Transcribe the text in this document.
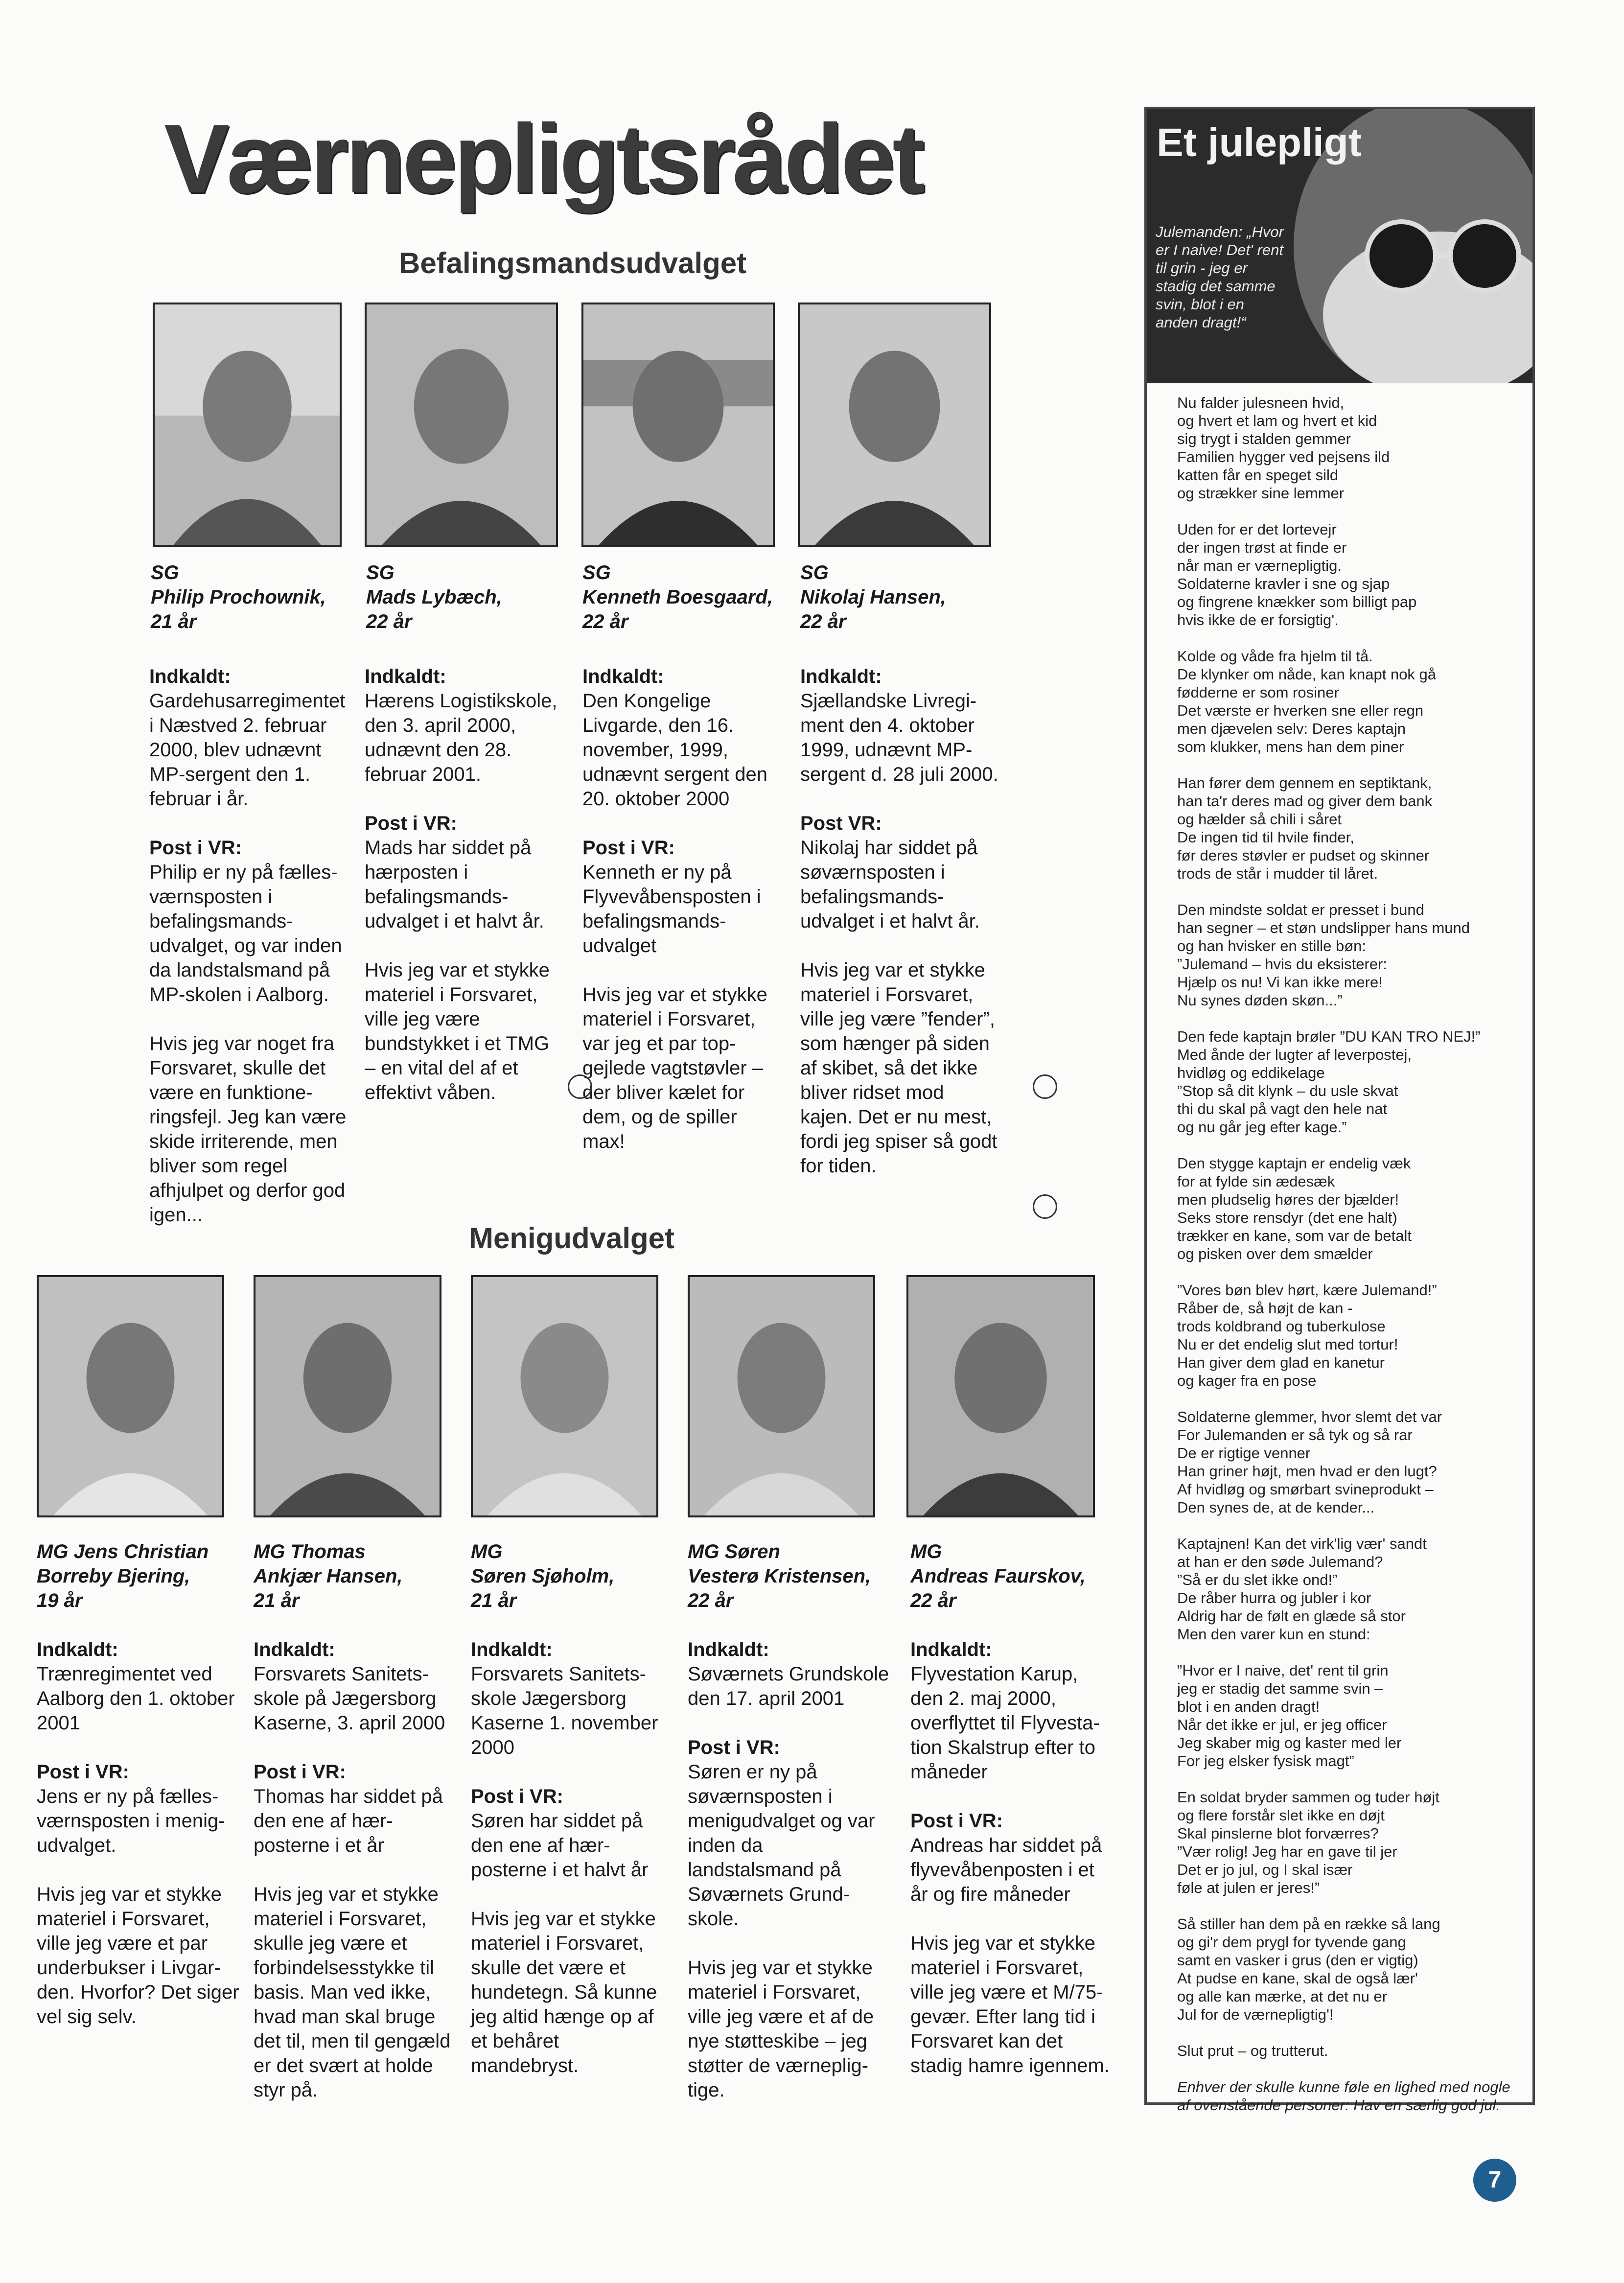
Værnepligtsrådet
Befalingsmandsudvalget
SG
Philip Prochownik,
21 år
Indkaldt:
Gardehusarregimentet i Næstved 2. februar 2000, blev udnævnt MP-sergent den 1. februar i år.
Post i VR:
Philip er ny på fælles-værnsposten i befalingsmands-udvalget, og var inden da landstalsmand på MP-skolen i Aalborg.
Hvis jeg var noget fra Forsvaret, skulle det være en funktione-ringsfejl. Jeg kan være skide irriterende, men bliver som regel afhjulpet og derfor god igen...
SG
Mads Lybæch,
22 år
Indkaldt:
Hærens Logistikskole, den 3. april 2000, udnævnt den 28. februar 2001.
Post i VR:
Mads har siddet på hærposten i befalingsmands-udvalget i et halvt år.
Hvis jeg var et stykke materiel i Forsvaret, ville jeg være bundstykket i et TMG – en vital del af et effektivt våben.
SG
Kenneth Boesgaard,
22 år
Indkaldt:
Den Kongelige Livgarde, den 16. november, 1999, udnævnt sergent den 20. oktober 2000
Post i VR:
Kenneth er ny på Flyvevåbensposten i befalingsmands-udvalget
Hvis jeg var et stykke materiel i Forsvaret, var jeg et par top-gejlede vagtstøvler – der bliver kælet for dem, og de spiller max!
SG
Nikolaj Hansen,
22 år
Indkaldt:
Sjællandske Livregi-ment den 4. oktober 1999, udnævnt MP-sergent d. 28 juli 2000.
Post VR:
Nikolaj har siddet på søværnsposten i befalingsmands-udvalget i et halvt år.
Hvis jeg var et stykke materiel i Forsvaret, ville jeg være ”fender”, som hænger på siden af skibet, så det ikke bliver ridset mod kajen. Det er nu mest, fordi jeg spiser så godt for tiden.
Menigudvalget
MG Jens Christian
Borreby Bjering,
19 år
Indkaldt:
Trænregimentet ved Aalborg den 1. oktober 2001
Post i VR:
Jens er ny på fælles-værnsposten i menig-udvalget.
Hvis jeg var et stykke materiel i Forsvaret, ville jeg være et par underbukser i Livgar-den. Hvorfor? Det siger vel sig selv.
MG Thomas
Ankjær Hansen,
21 år
Indkaldt:
Forsvarets Sanitets-skole på Jægersborg Kaserne, 3. april 2000
Post i VR:
Thomas har siddet på den ene af hær-posterne i et år
Hvis jeg var et stykke materiel i Forsvaret, skulle jeg være et forbindelsesstykke til basis. Man ved ikke, hvad man skal bruge det til, men til gengæld er det svært at holde styr på.
MG
Søren Sjøholm,
21 år
Indkaldt:
Forsvarets Sanitets-skole Jægersborg Kaserne 1. november 2000
Post i VR:
Søren har siddet på den ene af hær-posterne i et halvt år
Hvis jeg var et stykke materiel i Forsvaret, skulle det være et hundetegn. Så kunne jeg altid hænge op af et behåret mandebryst.
MG Søren
Vesterø Kristensen,
22 år
Indkaldt:
Søværnets Grundskole den 17. april 2001
Post i VR:
Søren er ny på søværnsposten i menigudvalget og var inden da landstalsmand på Søværnets Grund-skole.
Hvis jeg var et stykke materiel i Forsvaret, ville jeg være et af de nye støtteskibe – jeg støtter de værneplig-tige.
MG
Andreas Faurskov,
22 år
Indkaldt:
Flyvestation Karup, den 2. maj 2000, overflyttet til Flyvesta-tion Skalstrup efter to måneder
Post i VR:
Andreas har siddet på flyvevåbenposten i et år og fire måneder
Hvis jeg var et stykke materiel i Forsvaret, ville jeg være et M/75-gevær. Efter lang tid i Forsvaret kan det stadig hamre igennem.
Et julepligt
Julemanden: „Hvor er I naive! Det' rent til grin - jeg er stadig det samme svin, blot i en anden dragt!“
Nu falder julesneen hvid,
og hvert et lam og hvert et kid
sig trygt i stalden gemmer
Familien hygger ved pejsens ild
katten får en speget sild
og strækker sine lemmer
Uden for er det lortevejr
der ingen trøst at finde er
når man er værnepligtig.
Soldaterne kravler i sne og sjap
og fingrene knækker som billigt pap
hvis ikke de er forsigtig'.
Kolde og våde fra hjelm til tå.
De klynker om nåde, kan knapt nok gå
fødderne er som rosiner
Det værste er hverken sne eller regn
men djævelen selv: Deres kaptajn
som klukker, mens han dem piner
Han fører dem gennem en septiktank,
han ta'r deres mad og giver dem bank
og hælder så chili i såret
De ingen tid til hvile finder,
før deres støvler er pudset og skinner
trods de står i mudder til låret.
Den mindste soldat er presset i bund
han segner – et støn undslipper hans mund
og han hvisker en stille bøn:
”Julemand – hvis du eksisterer:
Hjælp os nu! Vi kan ikke mere!
Nu synes døden skøn...”
Den fede kaptajn brøler ”DU KAN TRO NEJ!”
Med ånde der lugter af leverpostej,
hvidløg og eddikelage
”Stop så dit klynk – du usle skvat
thi du skal på vagt den hele nat
og nu går jeg efter kage.”
Den stygge kaptajn er endelig væk
for at fylde sin ædesæk
men pludselig høres der bjælder!
Seks store rensdyr (det ene halt)
trækker en kane, som var de betalt
og pisken over dem smælder
”Vores bøn blev hørt, kære Julemand!”
Råber de, så højt de kan -
trods koldbrand og tuberkulose
Nu er det endelig slut med tortur!
Han giver dem glad en kanetur
og kager fra en pose
Soldaterne glemmer, hvor slemt det var
For Julemanden er så tyk og så rar
De er rigtige venner
Han griner højt, men hvad er den lugt?
Af hvidløg og smørbart svineprodukt –
Den synes de, at de kender...
Kaptajnen! Kan det virk'lig vær' sandt
at han er den søde Julemand?
”Så er du slet ikke ond!”
De råber hurra og jubler i kor
Aldrig har de følt en glæde så stor
Men den varer kun en stund:
”Hvor er I naive, det' rent til grin
jeg er stadig det samme svin –
blot i en anden dragt!
Når det ikke er jul, er jeg officer
Jeg skaber mig og kaster med ler
For jeg elsker fysisk magt”
En soldat bryder sammen og tuder højt
og flere forstår slet ikke en døjt
Skal pinslerne blot forværres?
”Vær rolig! Jeg har en gave til jer
Det er jo jul, og I skal især
føle at julen er jeres!”
Så stiller han dem på en række så lang
og gi'r dem prygl for tyvende gang
samt en vasker i grus (den er vigtig)
At pudse en kane, skal de også lær'
og alle kan mærke, at det nu er
Jul for de værnepligtig'!
Slut prut – og trutterut.
Enhver der skulle kunne føle en lighed med nogle
af ovenstående personer: Hav en særlig god jul.
7
